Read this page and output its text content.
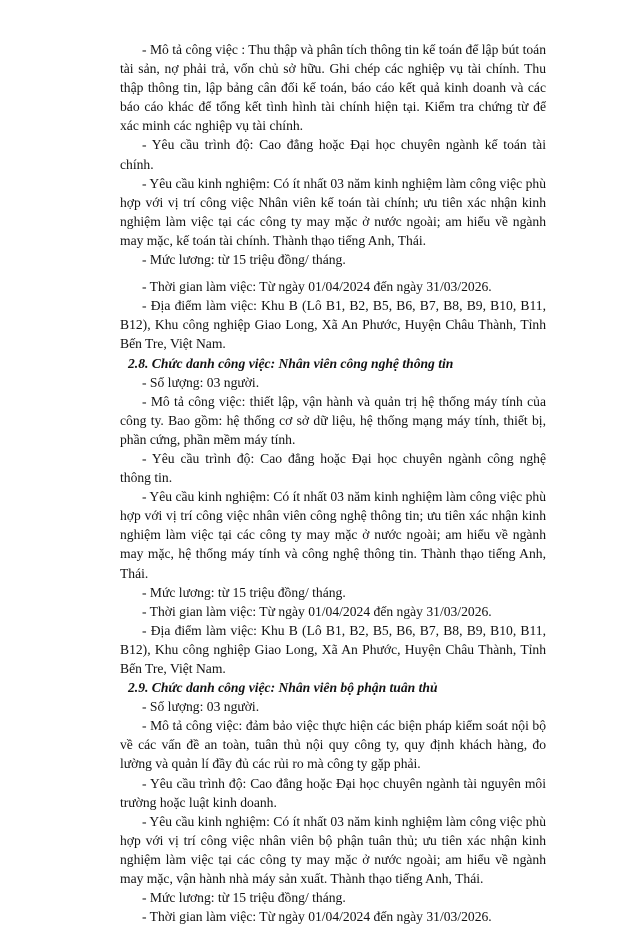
- Mô tả công việc : Thu thập và phân tích thông tin kế toán để lập bút toán tài sản, nợ phải trả, vốn chủ sở hữu. Ghi chép các nghiệp vụ tài chính. Thu thập thông tin, lập bảng cân đối kế toán, báo cáo kết quả kinh doanh và các báo cáo khác để tổng kết tình hình tài chính hiện tại. Kiểm tra chứng từ để xác minh các nghiệp vụ tài chính.

- Yêu cầu trình độ: Cao đẳng hoặc Đại học chuyên ngành kế toán tài chính.

- Yêu cầu kinh nghiệm: Có ít nhất 03 năm kinh nghiệm làm công việc phù hợp với vị trí công việc Nhân viên kế toán tài chính; ưu tiên xác nhận kinh nghiệm làm việc tại các công ty may mặc ở nước ngoài; am hiểu về ngành may mặc, kế toán tài chính. Thành thạo tiếng Anh, Thái.

- Mức lương: từ 15 triệu đồng/ tháng.

- Thời gian làm việc: Từ ngày 01/04/2024 đến ngày 31/03/2026.

- Địa điểm làm việc: Khu B (Lô B1, B2, B5, B6, B7, B8, B9, B10, B11, B12), Khu công nghiệp Giao Long, Xã An Phước, Huyện Châu Thành, Tỉnh Bến Tre, Việt Nam.

2.8. Chức danh công việc: Nhân viên công nghệ thông tin

- Số lượng: 03 người.

- Mô tả công việc: thiết lập, vận hành và quản trị hệ thống máy tính của công ty. Bao gồm: hệ thống cơ sở dữ liệu, hệ thống mạng máy tính, thiết bị, phần cứng, phần mềm máy tính.

- Yêu cầu trình độ: Cao đẳng hoặc Đại học chuyên ngành công nghệ thông tin.

- Yêu cầu kinh nghiệm: Có ít nhất 03 năm kinh nghiệm làm công việc phù hợp với vị trí công việc nhân viên công nghệ thông tin; ưu tiên xác nhận kinh nghiệm làm việc tại các công ty may mặc ở nước ngoài; am hiểu về ngành may mặc, hệ thống máy tính và công nghệ thông tin. Thành thạo tiếng Anh, Thái.

- Mức lương: từ 15 triệu đồng/ tháng.

- Thời gian làm việc: Từ ngày 01/04/2024 đến ngày 31/03/2026.

- Địa điểm làm việc: Khu B (Lô B1, B2, B5, B6, B7, B8, B9, B10, B11, B12), Khu công nghiệp Giao Long, Xã An Phước, Huyện Châu Thành, Tỉnh Bến Tre, Việt Nam.

2.9. Chức danh công việc: Nhân viên bộ phận tuân thủ

- Số lượng: 03 người.

- Mô tả công việc: đảm bảo việc thực hiện các biện pháp kiểm soát nội bộ về các vấn đề an toàn, tuân thủ nội quy công ty, quy định khách hàng, đo lường và quản lí đầy đủ các rủi ro mà công ty gặp phải.

- Yêu cầu trình độ: Cao đẳng hoặc Đại học chuyên ngành tài nguyên môi trường hoặc luật kinh doanh.

- Yêu cầu kinh nghiệm: Có ít nhất 03 năm kinh nghiệm làm công việc phù hợp với vị trí công việc nhân viên bộ phận tuân thủ; ưu tiên xác nhận kinh nghiệm làm việc tại các công ty may mặc ở nước ngoài; am hiểu về ngành may mặc, vận hành nhà máy sản xuất. Thành thạo tiếng Anh, Thái.

- Mức lương: từ 15 triệu đồng/ tháng.

- Thời gian làm việc: Từ ngày 01/04/2024 đến ngày 31/03/2026.
